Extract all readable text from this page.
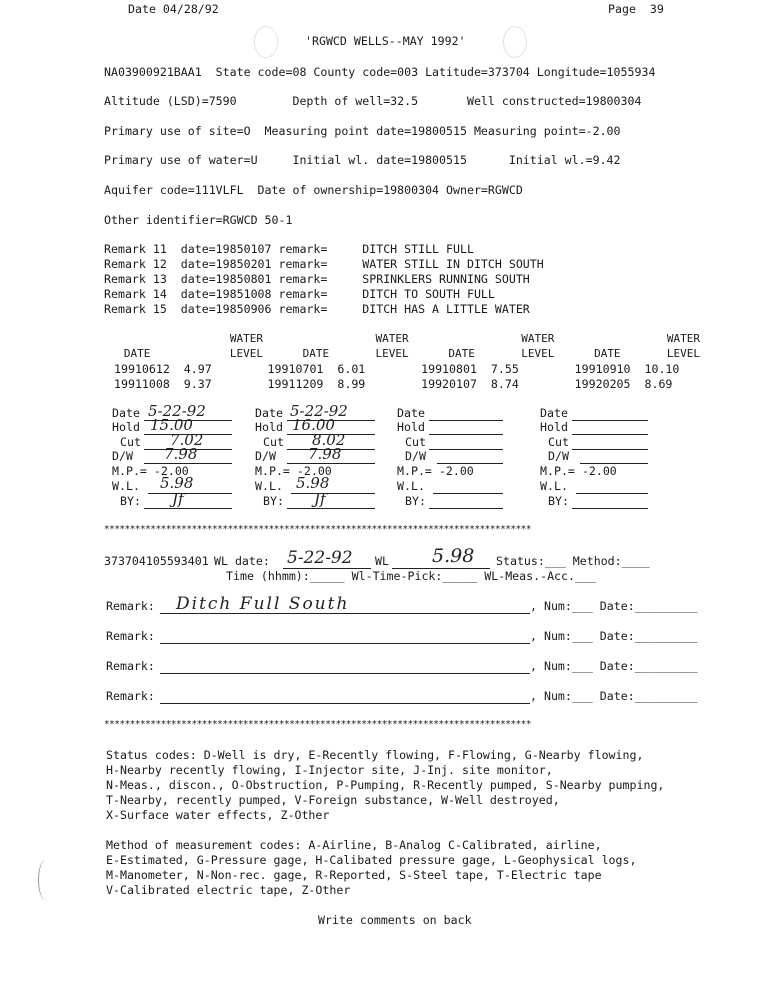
Date 04/28/92	Page  39
'RGWCD WELLS--MAY 1992'
NA03900921BAA1  State code=08 County code=003 Latitude=373704 Longitude=1055934
Altitude (LSD)=7590        Depth of well=32.5       Well constructed=19800304
Primary use of site=O  Measuring point date=19800515 Measuring point=-2.00
Primary use of water=U     Initial wl. date=19800515      Initial wl.=9.42
Aquifer code=111VLFL  Date of ownership=19800304 Owner=RGWCD
Other identifier=RGWCD 50-1
Remark 11  date=19850107 remark=     DITCH STILL FULL
Remark 12  date=19850201 remark=     WATER STILL IN DITCH SOUTH
Remark 13  date=19850801 remark=     SPRINKLERS RUNNING SOUTH
Remark 14  date=19851008 remark=     DITCH TO SOUTH FULL
Remark 15  date=19850906 remark=     DITCH HAS A LITTLE WATER
WATER                 WATER                 WATER                 WATER
DATE            LEVEL      DATE       LEVEL      DATE       LEVEL      DATE       LEVEL
19910612  4.97        19910701  6.01        19910801  7.55        19910910  10.10
19911008  9.37        19911209  8.99        19920107  8.74        19920205  8.69
Date 5-22-92
Hold 15.00
Cut 7.02
D/W 7.98
M.P.= -2.00
W.L. 5.98
BY: Jf
Date 5-22-92
Hold 16.00
Cut 8.02
D/W 7.98
M.P.= -2.00
W.L. 5.98
BY: Jf
Date
Hold
Cut
D/W
M.P.= -2.00
W.L.
BY:
Date
Hold
Cut
D/W
M.P.= -2.00
W.L.
BY:
***********************************************************************************
373704105593401 WL date: 5-22-92 WL 5.98 Status:___ Method:____
Time (hhmm):_____ Wl-Time-Pick:_____ WL-Meas.-Acc.___
Remark: Ditch Full South	, Num:___ Date:_________
Remark:	, Num:___ Date:_________
Remark:	, Num:___ Date:_________
Remark:	, Num:___ Date:_________
***********************************************************************************
Status codes: D-Well is dry, E-Recently flowing, F-Flowing, G-Nearby flowing,
H-Nearby recently flowing, I-Injector site, J-Inj. site monitor,
N-Meas., discon., O-Obstruction, P-Pumping, R-Recently pumped, S-Nearby pumping,
T-Nearby, recently pumped, V-Foreign substance, W-Well destroyed,
X-Surface water effects, Z-Other
Method of measurement codes: A-Airline, B-Analog C-Calibrated, airline,
E-Estimated, G-Pressure gage, H-Calibated pressure gage, L-Geophysical logs,
M-Manometer, N-Non-rec. gage, R-Reported, S-Steel tape, T-Electric tape
V-Calibrated electric tape, Z-Other
Write comments on back
